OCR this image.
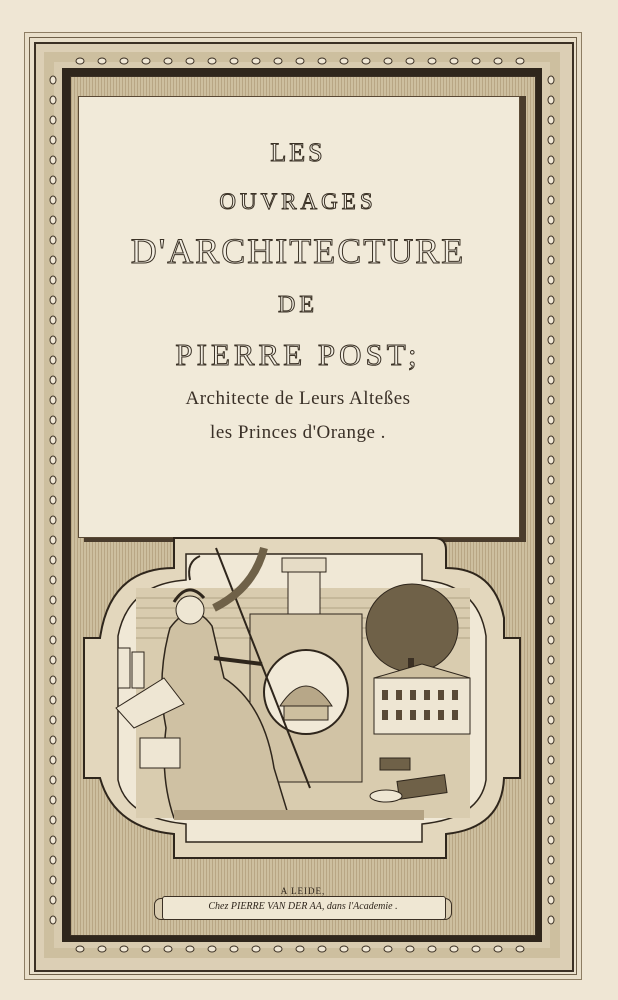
LES
OUVRAGES
D'ARCHITECTURE
DE
PIERRE POST;
Architecte de Leurs Alteßes
les Princes d'Orange .
A LEIDE,
Chez PIERRE VAN DER AA, dans l'Academie .
